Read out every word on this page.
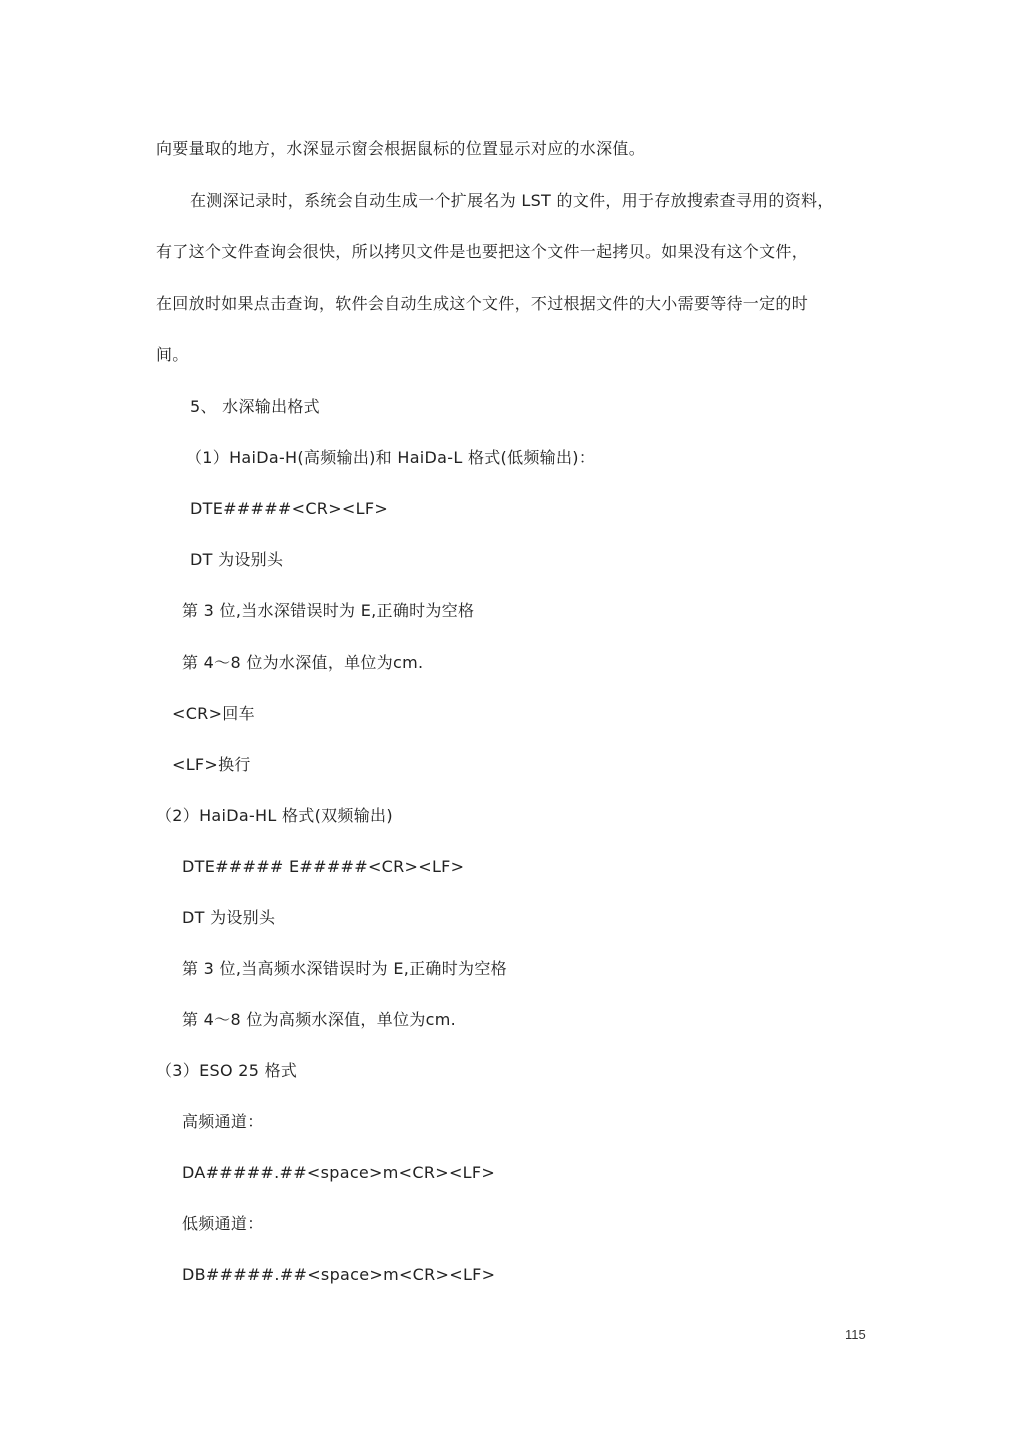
向要量取的地方，水深显示窗会根据鼠标的位置显示对应的水深值。
在测深记录时，系统会自动生成一个扩展名为 LST 的文件，用于存放搜索查寻用的资料，
有了这个文件查询会很快，所以拷贝文件是也要把这个文件一起拷贝。如果没有这个文件，
在回放时如果点击查询，软件会自动生成这个文件，不过根据文件的大小需要等待一定的时
间。
5、 水深输出格式
（1）HaiDa-H(高频输出)和 HaiDa-L 格式(低频输出)：
DTE#####<CR><LF>
DT 为设别头
第 3 位,当水深错误时为 E,正确时为空格
第 4～8 位为水深值，单位为cm.
<CR>回车
<LF>换行
（2）HaiDa-HL 格式(双频输出)
DTE##### E#####<CR><LF>
DT 为设别头
第 3 位,当高频水深错误时为 E,正确时为空格
第 4～8 位为高频水深值，单位为cm.
（3）ESO 25 格式
高频通道：
DA#####.##<space>m<CR><LF>
低频通道：
DB#####.##<space>m<CR><LF>
115
